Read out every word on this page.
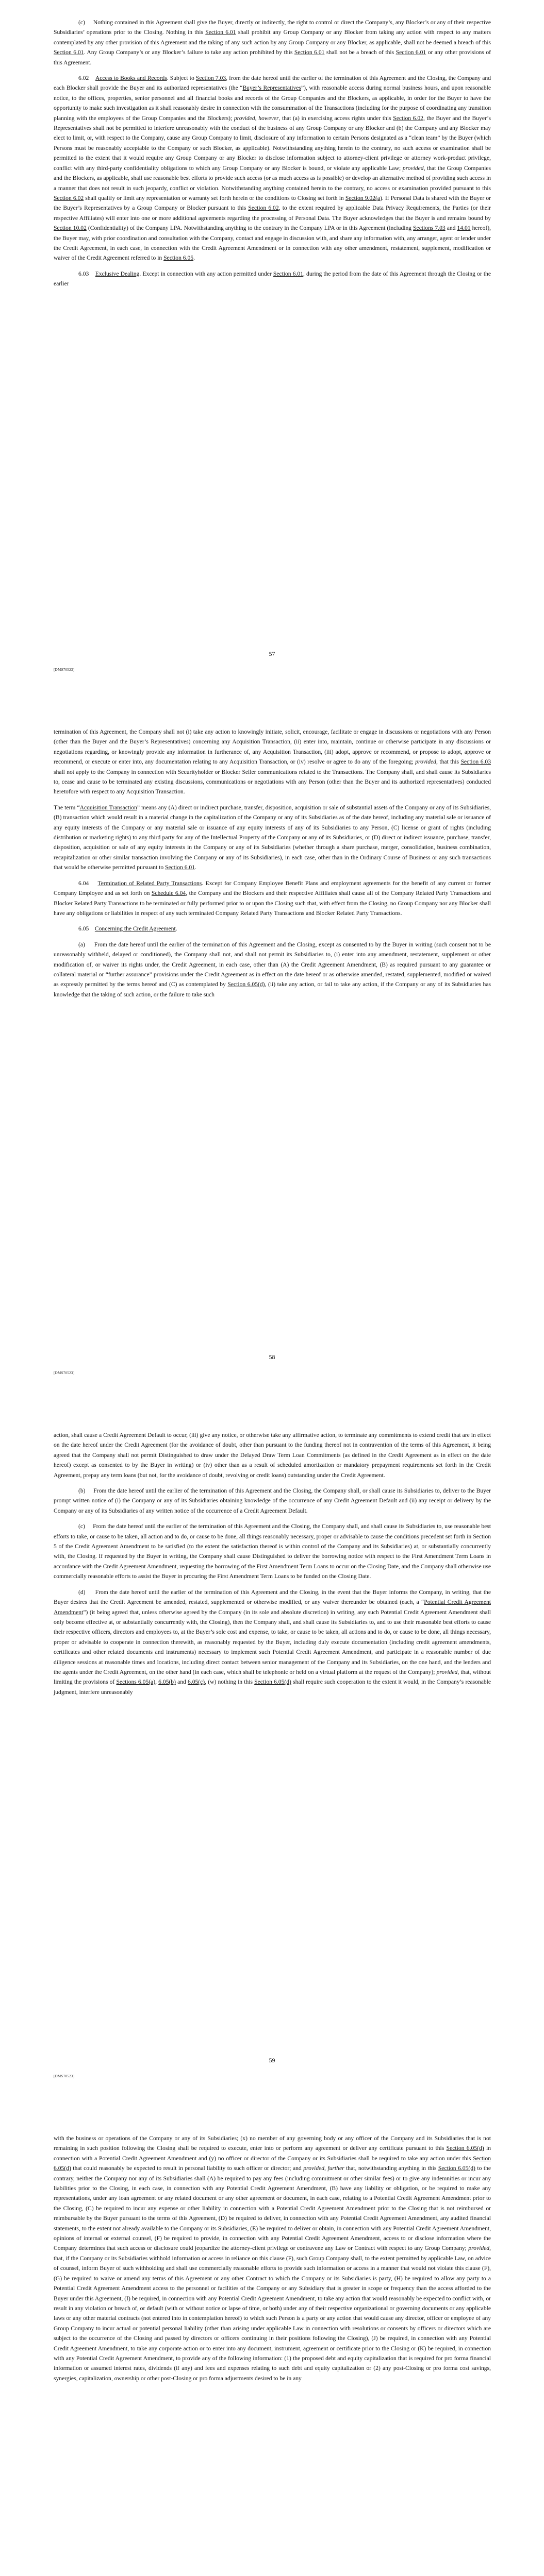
(c)     Nothing contained in this Agreement shall give the Buyer, directly or indirectly, the right to control or direct the Company’s, any Blocker’s or any of their respective Subsidiaries’ operations prior to the Closing. Nothing in this Section 6.01 shall prohibit any Group Company or any Blocker from taking any action with respect to any matters contemplated by any other provision of this Agreement and the taking of any such action by any Group Company or any Blocker, as applicable, shall not be deemed a breach of this Section 6.01. Any Group Company’s or any Blocker’s failure to take any action prohibited by this Section 6.01 shall not be a breach of this Section 6.01 or any other provisions of this Agreement.

6.02    Access to Books and Records. Subject to Section 7.03, from the date hereof until the earlier of the termination of this Agreement and the Closing, the Company and each Blocker shall provide the Buyer and its authorized representatives (the “Buyer’s Representatives”), with reasonable access during normal business hours, and upon reasonable notice, to the offices, properties, senior personnel and all financial books and records of the Group Companies and the Blockers, as applicable, in order for the Buyer to have the opportunity to make such investigation as it shall reasonably desire in connection with the consummation of the Transactions (including for the purpose of coordinating any transition planning with the employees of the Group Companies and the Blockers); provided, however, that (a) in exercising access rights under this Section 6.02, the Buyer and the Buyer’s Representatives shall not be permitted to interfere unreasonably with the conduct of the business of any Group Company or any Blocker and (b) the Company and any Blocker may elect to limit, or, with respect to the Company, cause any Group Company to limit, disclosure of any information to certain Persons designated as a “clean team” by the Buyer (which Persons must be reasonably acceptable to the Company or such Blocker, as applicable). Notwithstanding anything herein to the contrary, no such access or examination shall be permitted to the extent that it would require any Group Company or any Blocker to disclose information subject to attorney-client privilege or attorney work-product privilege, conflict with any third-party confidentiality obligations to which any Group Company or any Blocker is bound, or violate any applicable Law; provided, that the Group Companies and the Blockers, as applicable, shall use reasonable best efforts to provide such access (or as much access as is possible) or develop an alternative method of providing such access in a manner that does not result in such jeopardy, conflict or violation. Notwithstanding anything contained herein to the contrary, no access or examination provided pursuant to this Section 6.02 shall qualify or limit any representation or warranty set forth herein or the conditions to Closing set forth in Section 9.02(a). If Personal Data is shared with the Buyer or the Buyer’s Representatives by a Group Company or Blocker pursuant to this Section 6.02, to the extent required by applicable Data Privacy Requirements, the Parties (or their respective Affiliates) will enter into one or more additional agreements regarding the processing of Personal Data. The Buyer acknowledges that the Buyer is and remains bound by Section 10.02 (Confidentiality) of the Company LPA. Notwithstanding anything to the contrary in the Company LPA or in this Agreement (including Sections 7.03 and 14.01 hereof), the Buyer may, with prior coordination and consultation with the Company, contact and engage in discussion with, and share any information with, any arranger, agent or lender under the Credit Agreement, in each case, in connection with the Credit Agreement Amendment or in connection with any other amendment, restatement, supplement, modification or waiver of the Credit Agreement referred to in Section 6.05.

6.03    Exclusive Dealing. Except in connection with any action permitted under Section 6.01, during the period from the date of this Agreement through the Closing or the earlier

57
[DMS70523]

termination of this Agreement, the Company shall not (i) take any action to knowingly initiate, solicit, encourage, facilitate or engage in discussions or negotiations with any Person (other than the Buyer and the Buyer’s Representatives) concerning any Acquisition Transaction, (ii) enter into, maintain, continue or otherwise participate in any discussions or negotiations regarding, or knowingly provide any information in furtherance of, any Acquisition Transaction, (iii) adopt, approve or recommend, or propose to adopt, approve or recommend, or execute or enter into, any documentation relating to any Acquisition Transaction, or (iv) resolve or agree to do any of the foregoing; provided, that this Section 6.03 shall not apply to the Company in connection with Securityholder or Blocker Seller communications related to the Transactions. The Company shall, and shall cause its Subsidiaries to, cease and cause to be terminated any existing discussions, communications or negotiations with any Person (other than the Buyer and its authorized representatives) conducted heretofore with respect to any Acquisition Transaction.

The term “Acquisition Transaction” means any (A) direct or indirect purchase, transfer, disposition, acquisition or sale of substantial assets of the Company or any of its Subsidiaries, (B) transaction which would result in a material change in the capitalization of the Company or any of its Subsidiaries as of the date hereof, including any material sale or issuance of any equity interests of the Company or any material sale or issuance of any equity interests of any of its Subsidiaries to any Person, (C) license or grant of rights (including distribution or marketing rights) to any third party for any of the Intellectual Property of the Company or any of its Subsidiaries, or (D) direct or indirect issuance, purchase, transfer, disposition, acquisition or sale of any equity interests in the Company or any of its Subsidiaries (whether through a share purchase, merger, consolidation, business combination, recapitalization or other similar transaction involving the Company or any of its Subsidiaries), in each case, other than in the Ordinary Course of Business or any such transactions that would be otherwise permitted pursuant to Section 6.01.

6.04    Termination of Related Party Transactions. Except for Company Employee Benefit Plans and employment agreements for the benefit of any current or former Company Employee and as set forth on Schedule 6.04, the Company and the Blockers and their respective Affiliates shall cause all of the Company Related Party Transactions and Blocker Related Party Transactions to be terminated or fully performed prior to or upon the Closing such that, with effect from the Closing, no Group Company nor any Blocker shall have any obligations or liabilities in respect of any such terminated Company Related Party Transactions and Blocker Related Party Transactions.

6.05    Concerning the Credit Agreement.

(a)     From the date hereof until the earlier of the termination of this Agreement and the Closing, except as consented to by the Buyer in writing (such consent not to be unreasonably withheld, delayed or conditioned), the Company shall not, and shall not permit its Subsidiaries to, (i) enter into any amendment, restatement, supplement or other modification of, or waiver its rights under, the Credit Agreement, in each case, other than (A) the Credit Agreement Amendment, (B) as required pursuant to any guarantee or collateral material or “further assurance” provisions under the Credit Agreement as in effect on the date hereof or as otherwise amended, restated, supplemented, modified or waived as expressly permitted by the terms hereof and (C) as contemplated by Section 6.05(d), (ii) take any action, or fail to take any action, if the Company or any of its Subsidiaries has knowledge that the taking of such action, or the failure to take such

58
[DMS70523]

action, shall cause a Credit Agreement Default to occur, (iii) give any notice, or otherwise take any affirmative action, to terminate any commitments to extend credit that are in effect on the date hereof under the Credit Agreement (for the avoidance of doubt, other than pursuant to the funding thereof not in contravention of the terms of this Agreement, it being agreed that the Company shall not permit Distinguished to draw under the Delayed Draw Term Loan Commitments (as defined in the Credit Agreement as in effect on the date hereof) except as consented to by the Buyer in writing) or (iv) other than as a result of scheduled amortization or mandatory prepayment requirements set forth in the Credit Agreement, prepay any term loans (but not, for the avoidance of doubt, revolving or credit loans) outstanding under the Credit Agreement.

(b)     From the date hereof until the earlier of the termination of this Agreement and the Closing, the Company shall, or shall cause its Subsidiaries to, deliver to the Buyer prompt written notice of (i) the Company or any of its Subsidiaries obtaining knowledge of the occurrence of any Credit Agreement Default and (ii) any receipt or delivery by the Company or any of its Subsidiaries of any written notice of the occurrence of a Credit Agreement Default.

(c)     From the date hereof until the earlier of the termination of this Agreement and the Closing, the Company shall, and shall cause its Subsidiaries to, use reasonable best efforts to take, or cause to be taken, all action and to do, or cause to be done, all things reasonably necessary, proper or advisable to cause the conditions precedent set forth in Section 5 of the Credit Agreement Amendment to be satisfied (to the extent the satisfaction thereof is within control of the Company and its Subsidiaries) at, or substantially concurrently with, the Closing. If requested by the Buyer in writing, the Company shall cause Distinguished to deliver the borrowing notice with respect to the First Amendment Term Loans in accordance with the Credit Agreement Amendment, requesting the borrowing of the First Amendment Term Loans to occur on the Closing Date, and the Company shall otherwise use commercially reasonable efforts to assist the Buyer in procuring the First Amendment Term Loans to be funded on the Closing Date.

(d)     From the date hereof until the earlier of the termination of this Agreement and the Closing, in the event that the Buyer informs the Company, in writing, that the Buyer desires that the Credit Agreement be amended, restated, supplemented or otherwise modified, or any waiver thereunder be obtained (each, a “Potential Credit Agreement Amendment”) (it being agreed that, unless otherwise agreed by the Company (in its sole and absolute discretion) in writing, any such Potential Credit Agreement Amendment shall only become effective at, or substantially concurrently with, the Closing), then the Company shall, and shall cause its Subsidiaries to, and to use their reasonable best efforts to cause their respective officers, directors and employees to, at the Buyer’s sole cost and expense, to take, or cause to be taken, all actions and to do, or cause to be done, all things necessary, proper or advisable to cooperate in connection therewith, as reasonably requested by the Buyer, including duly execute documentation (including credit agreement amendments, certificates and other related documents and instruments) necessary to implement such Potential Credit Agreement Amendment, and participate in a reasonable number of due diligence sessions at reasonable times and locations, including direct contact between senior management of the Company and its Subsidiaries, on the one hand, and the lenders and the agents under the Credit Agreement, on the other hand (in each case, which shall be telephonic or held on a virtual platform at the request of the Company); provided, that, without limiting the provisions of Sections 6.05(a), 6.05(b) and 6.05(c), (w) nothing in this Section 6.05(d) shall require such cooperation to the extent it would, in the Company’s reasonable judgment, interfere unreasonably

59
[DMS70523]

with the business or operations of the Company or any of its Subsidiaries; (x) no member of any governing body or any officer of the Company and its Subsidiaries that is not remaining in such position following the Closing shall be required to execute, enter into or perform any agreement or deliver any certificate pursuant to this Section 6.05(d) in connection with a Potential Credit Agreement Amendment and (y) no officer or director of the Company or its Subsidiaries shall be required to take any action under this Section 6.05(d) that could reasonably be expected to result in personal liability to such officer or director; and provided, further that, notwithstanding anything in this Section 6.05(d) to the contrary, neither the Company nor any of its Subsidiaries shall (A) be required to pay any fees (including commitment or other similar fees) or to give any indemnities or incur any liabilities prior to the Closing, in each case, in connection with any Potential Credit Agreement Amendment, (B) have any liability or obligation, or be required to make any representations, under any loan agreement or any related document or any other agreement or document, in each case, relating to a Potential Credit Agreement Amendment prior to the Closing, (C) be required to incur any expense or other liability in connection with a Potential Credit Agreement Amendment prior to the Closing that is not reimbursed or reimbursable by the Buyer pursuant to the terms of this Agreement, (D) be required to deliver, in connection with any Potential Credit Agreement Amendment, any audited financial statements, to the extent not already available to the Company or its Subsidiaries, (E) be required to deliver or obtain, in connection with any Potential Credit Agreement Amendment, opinions of internal or external counsel, (F) be required to provide, in connection with any Potential Credit Agreement Amendment, access to or disclose information where the Company determines that such access or disclosure could jeopardize the attorney-client privilege or contravene any Law or Contract with respect to any Group Company; provided, that, if the Company or its Subsidiaries withhold information or access in reliance on this clause (F), such Group Company shall, to the extent permitted by applicable Law, on advice of counsel, inform Buyer of such withholding and shall use commercially reasonable efforts to provide such information or access in a manner that would not violate this clause (F), (G) be required to waive or amend any terms of this Agreement or any other Contract to which the Company or its Subsidiaries is party, (H) be required to allow any party to a Potential Credit Agreement Amendment access to the personnel or facilities of the Company or any Subsidiary that is greater in scope or frequency than the access afforded to the Buyer under this Agreement, (I) be required, in connection with any Potential Credit Agreement Amendment, to take any action that would reasonably be expected to conflict with, or result in any violation or breach of, or default (with or without notice or lapse of time, or both) under any of their respective organizational or governing documents or any applicable laws or any other material contracts (not entered into in contemplation hereof) to which such Person is a party or any action that would cause any director, officer or employee of any Group Company to incur actual or potential personal liability (other than arising under applicable Law in connection with resolutions or consents by officers or directors which are subject to the occurrence of the Closing and passed by directors or officers continuing in their positions following the Closing), (J) be required, in connection with any Potential Credit Agreement Amendment, to take any corporate action or to enter into any document, instrument, agreement or certificate prior to the Closing or (K) be required, in connection with any Potential Credit Agreement Amendment, to provide any of the following information: (1) the proposed debt and equity capitalization that is required for pro forma financial information or assumed interest rates, dividends (if any) and fees and expenses relating to such debt and equity capitalization or (2) any post-Closing or pro forma cost savings, synergies, capitalization, ownership or other post-Closing or pro forma adjustments desired to be in any
